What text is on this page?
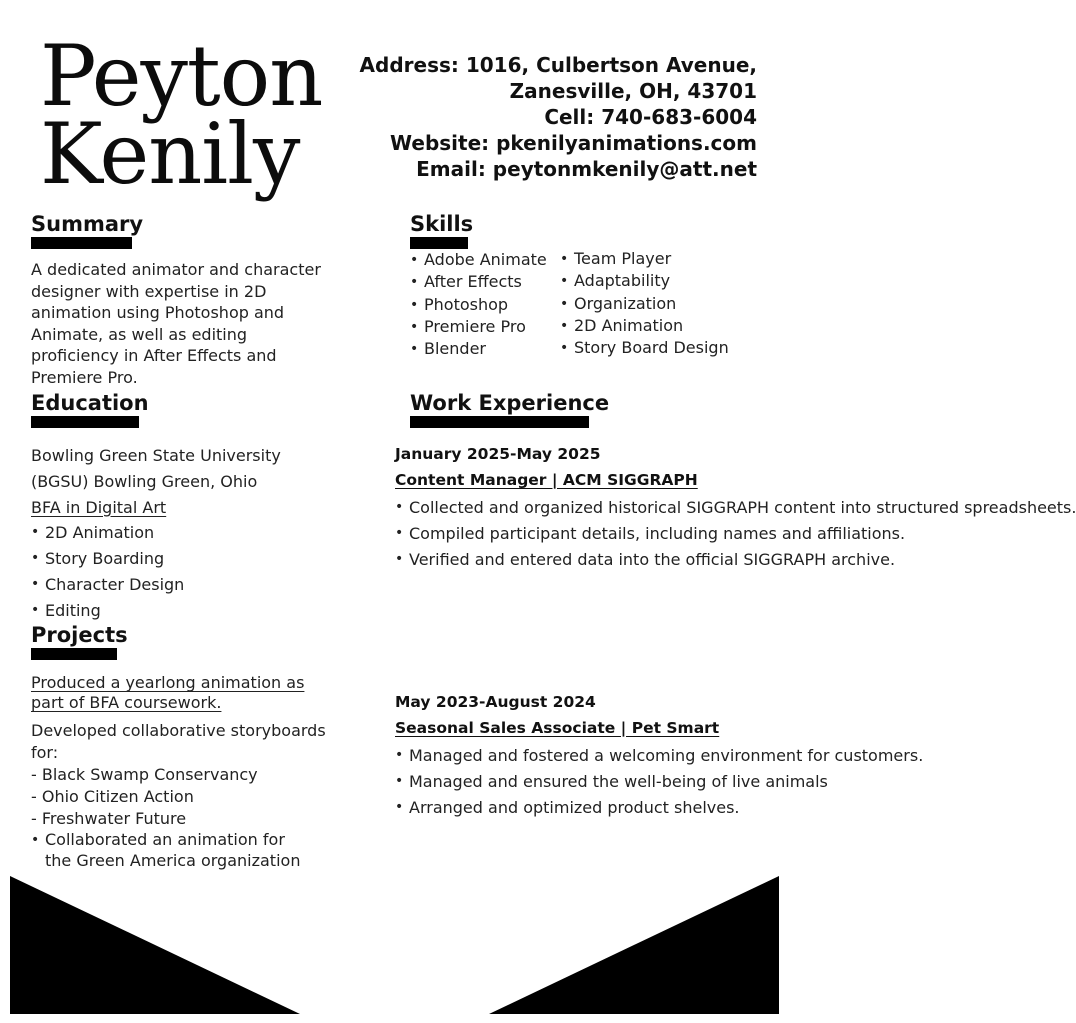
Peyton
Kenily
Address: 1016, Culbertson Avenue,
Zanesville, OH, 43701
Cell: 740-683-6004
Website: pkenilyanimations.com
Email: peytonmkenily@att.net
Summary
A dedicated animator and character
designer with expertise in 2D
animation using Photoshop and
Animate, as well as editing
proficiency in After Effects and
Premiere Pro.
Skills
• Adobe Animate
• After Effects
• Photoshop
• Premiere Pro
• Blender
• Team Player
• Adaptability
• Organization
• 2D Animation
• Story Board Design
Education
Bowling Green State University
(BGSU) Bowling Green, Ohio
BFA in Digital Art
• 2D Animation
• Story Boarding
• Character Design
• Editing
Projects
Produced a yearlong animation as
part of BFA coursework.
Developed collaborative storyboards
for:
- Black Swamp Conservancy
- Ohio Citizen Action
- Freshwater Future
• Collaborated an animation for
the Green America organization
Work Experience
January 2025-May 2025
Content Manager | ACM SIGGRAPH
• Collected and organized historical SIGGRAPH content into structured spreadsheets.
• Compiled participant details, including names and affiliations.
• Verified and entered data into the official SIGGRAPH archive.
May 2023-August 2024
Seasonal Sales Associate | Pet Smart
• Managed and fostered a welcoming environment for customers.
• Managed and ensured the well-being of live animals
• Arranged and optimized product shelves.
